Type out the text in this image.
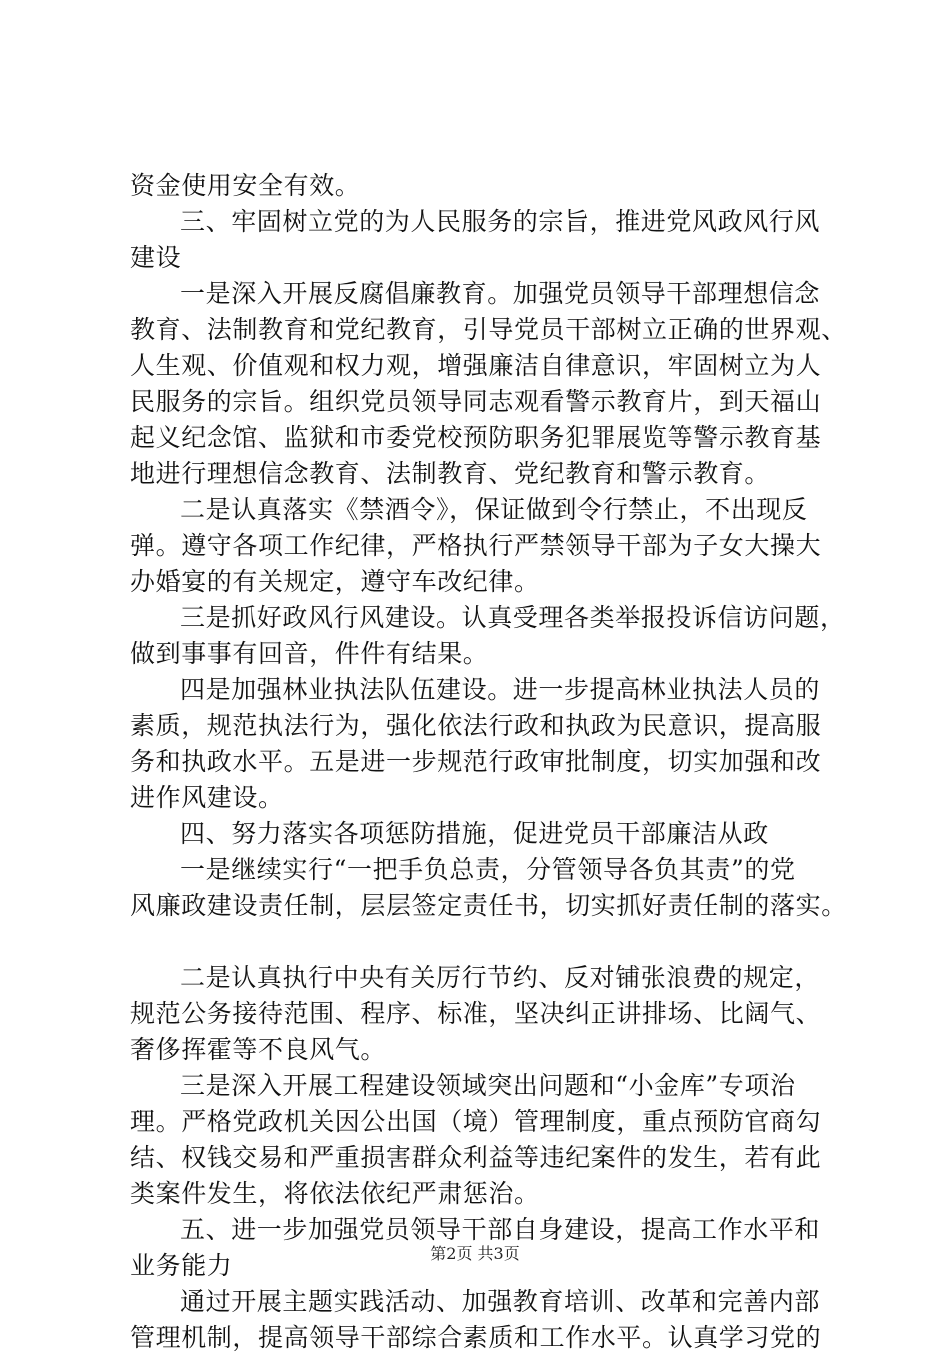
资金使用安全有效。
三、牢固树立党的为人民服务的宗旨，推进党风政风行风
建设
一是深入开展反腐倡廉教育。加强党员领导干部理想信念
教育、法制教育和党纪教育，引导党员干部树立正确的世界观、
人生观、价值观和权力观，增强廉洁自律意识，牢固树立为人
民服务的宗旨。组织党员领导同志观看警示教育片，到天福山
起义纪念馆、监狱和市委党校预防职务犯罪展览等警示教育基
地进行理想信念教育、法制教育、党纪教育和警示教育。
二是认真落实《禁酒令》，保证做到令行禁止，不出现反
弹。遵守各项工作纪律，严格执行严禁领导干部为子女大操大
办婚宴的有关规定，遵守车改纪律。
三是抓好政风行风建设。认真受理各类举报投诉信访问题，
做到事事有回音，件件有结果。
四是加强林业执法队伍建设。进一步提高林业执法人员的
素质，规范执法行为，强化依法行政和执政为民意识，提高服
务和执政水平。五是进一步规范行政审批制度，切实加强和改
进作风建设。
四、努力落实各项惩防措施，促进党员干部廉洁从政
一是继续实行“一把手负总责，分管领导各负其责”的党
风廉政建设责任制，层层签定责任书，切实抓好责任制的落实。
二是认真执行中央有关厉行节约、反对铺张浪费的规定，
规范公务接待范围、程序、标准，坚决纠正讲排场、比阔气、
奢侈挥霍等不良风气。
三是深入开展工程建设领域突出问题和“小金库”专项治
理。严格党政机关因公出国（境）管理制度，重点预防官商勾
结、权钱交易和严重损害群众利益等违纪案件的发生，若有此
类案件发生，将依法依纪严肃惩治。
五、进一步加强党员领导干部自身建设，提高工作水平和
业务能力
通过开展主题实践活动、加强教育培训、改革和完善内部
管理机制，提高领导干部综合素质和工作水平。认真学习党的
第2页 共3页
